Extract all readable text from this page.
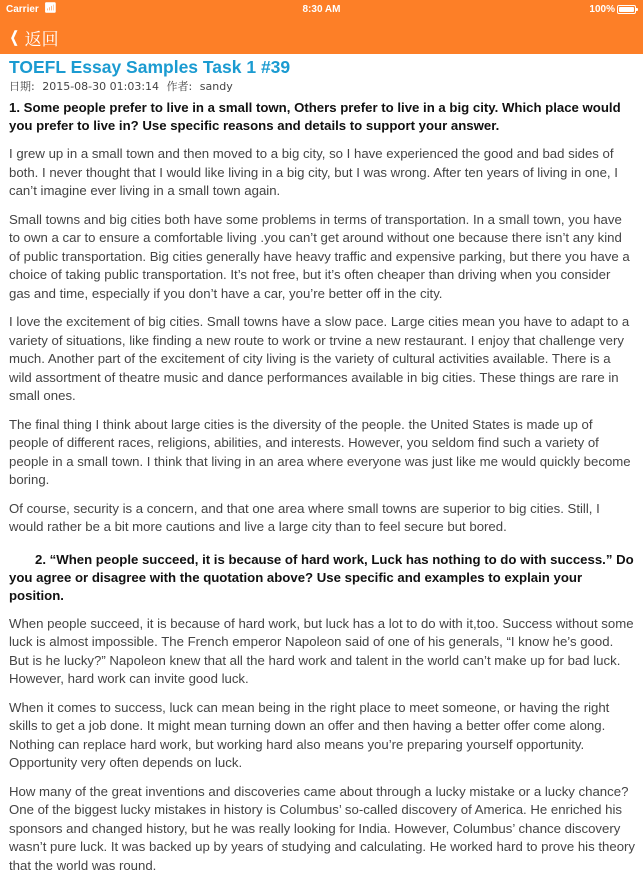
Carrier 📶︎	8:30 AM	100%
❮ 返回
TOEFL Essay Samples Task 1 #39
日期: 2015-08-30 01:03:14 作者: sandy
1. Some people prefer to live in a small town, Others prefer to live in a big city. Which place would you prefer to live in? Use specific reasons and details to support your answer.

I grew up in a small town and then moved to a big city, so I have experienced the good and bad sides of both. I never thought that I would like living in a big city, but I was wrong. After ten years of living in one, I can’t imagine ever living in a small town again.

Small towns and big cities both have some problems in terms of transportation. In a small town, you have to own a car to ensure a comfortable living .you can’t get around without one because there isn’t any kind of public transportation. Big cities generally have heavy traffic and expensive parking, but there you have a choice of taking public transportation. It’s not free, but it’s often cheaper than driving when you consider gas and time, especially if you don’t have a car, you’re better off in the city.

I love the excitement of big cities. Small towns have a slow pace. Large cities mean you have to adapt to a variety of situations, like finding a new route to work or trvine a new restaurant. I enjoy that challenge very much. Another part of the excitement of city living is the variety of cultural activities available. There is a wild assortment of theatre music and dance performances available in big cities. These things are rare in small ones.

The final thing I think about large cities is the diversity of the people. the United States is made up of people of different races, religions, abilities, and interests. However, you seldom find such a variety of people in a small town. I think that living in an area where everyone was just like me would quickly become boring.

Of course, security is a concern, and that one area where small towns are superior to big cities. Still, I would rather be a bit more cautions and live a large city than to feel secure but bored.

2. “When people succeed, it is because of hard work, Luck has nothing to do with success.” Do you agree or disagree with the quotation above? Use specific and examples to explain your position.

When people succeed, it is because of hard work, but luck has a lot to do with it,too. Success without some luck is almost impossible. The French emperor Napoleon said of one of his generals, “I know he’s good. But is he lucky?” Napoleon knew that all the hard work and talent in the world can’t make up for bad luck. However, hard work can invite good luck.

When it comes to success, luck can mean being in the right place to meet someone, or having the right skills to get a job done. It might mean turning down an offer and then having a better offer come along. Nothing can replace hard work, but working hard also means you’re preparing yourself opportunity. Opportunity very often depends on luck.

How many of the great inventions and discoveries came about through a lucky mistake or a lucky chance? One of the biggest lucky mistakes in history is Columbus’ so-called discovery of America. He enriched his sponsors and changed history, but he was really looking for India. However, Columbus’ chance discovery wasn’t pure luck. It was backed up by years of studying and calculating. He worked hard to prove his theory that the world was round.
